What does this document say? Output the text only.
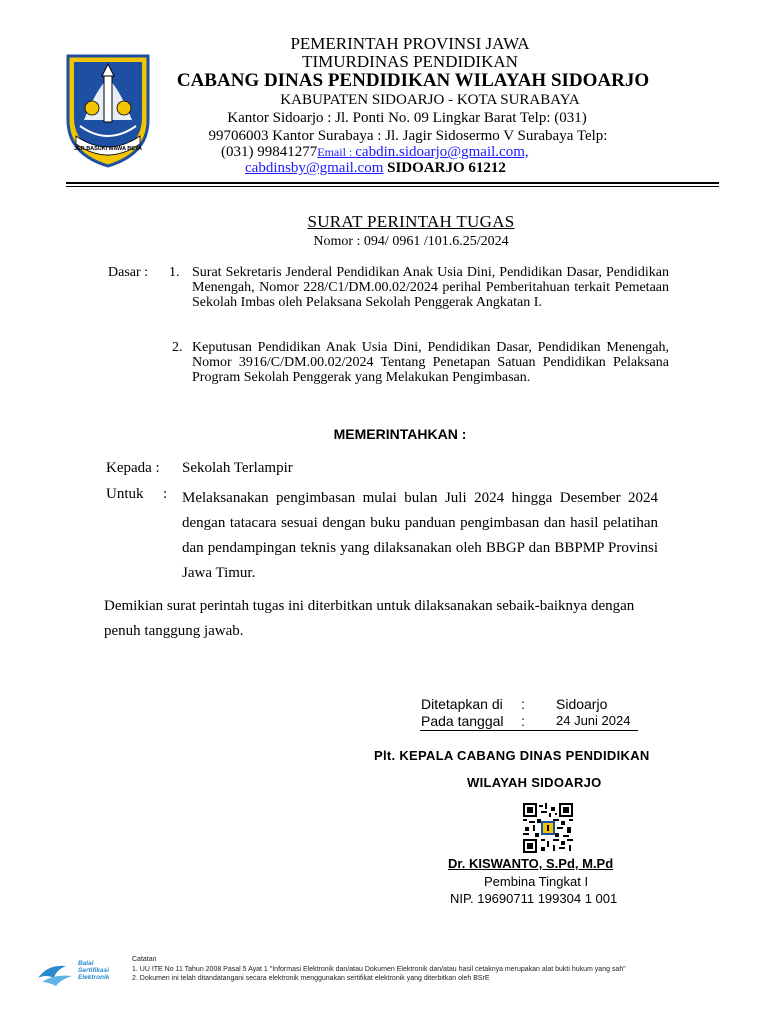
JER BASUKI MAWA BEYA
PEMERINTAH PROVINSI JAWA
TIMURDINAS PENDIDIKAN
CABANG DINAS PENDIDIKAN WILAYAH SIDOARJO
KABUPATEN SIDOARJO - KOTA SURABAYA
Kantor Sidoarjo : Jl. Ponti No. 09 Lingkar Barat Telp: (031)
99706003 Kantor Surabaya : Jl. Jagir Sidosermo V Surabaya Telp:
(031) 99841277Email : cabdin.sidoarjo@gmail.com,
cabdinsby@gmail.com SIDOARJO 61212
SURAT PERINTAH TUGAS
Nomor : 094/ 0961 /101.6.25/2024
Dasar : 1. Surat Sekretaris Jenderal Pendidikan Anak Usia Dini, Pendidikan Dasar, Pendidikan Menengah, Nomor 228/C1/DM.00.02/2024 perihal Pemberitahuan terkait Pemetaan Sekolah Imbas oleh Pelaksana Sekolah Penggerak Angkatan I.
2. Keputusan Pendidikan Anak Usia Dini, Pendidikan Dasar, Pendidikan Menengah, Nomor 3916/C/DM.00.02/2024 Tentang Penetapan Satuan Pendidikan Pelaksana Program Sekolah Penggerak yang Melakukan Pengimbasan.
MEMERINTAHKAN :
Kepada : Sekolah Terlampir
Untuk : Melaksanakan pengimbasan mulai bulan Juli 2024 hingga Desember 2024 dengan tatacara sesuai dengan buku panduan pengimbasan dan hasil pelatihan dan pendampingan teknis yang dilaksanakan oleh BBGP dan BBPMP Provinsi Jawa Timur.
Demikian surat perintah tugas ini diterbitkan untuk dilaksanakan sebaik-baiknya dengan penuh tanggung jawab.
Ditetapkan di : Sidoarjo
Pada tanggal : 24 Juni 2024
Plt. KEPALA CABANG DINAS PENDIDIKAN
WILAYAH SIDOARJO
Dr. KISWANTO, S.Pd, M.Pd
Pembina Tingkat I
NIP. 19690711 199304 1 001
Balai
Sertifikasi
Elektronik
Catatan
1. UU ITE No 11 Tahun 2008 Pasal 5 Ayat 1 "Informasi Elektronik dan/atau Dokumen Elektronik dan/atau hasil cetaknya merupakan alat bukti hukum yang sah"
2. Dokumen ini telah ditandatangani secara elektronik menggunakan sertifikat elektronik yang diterbitkan oleh BSrE
